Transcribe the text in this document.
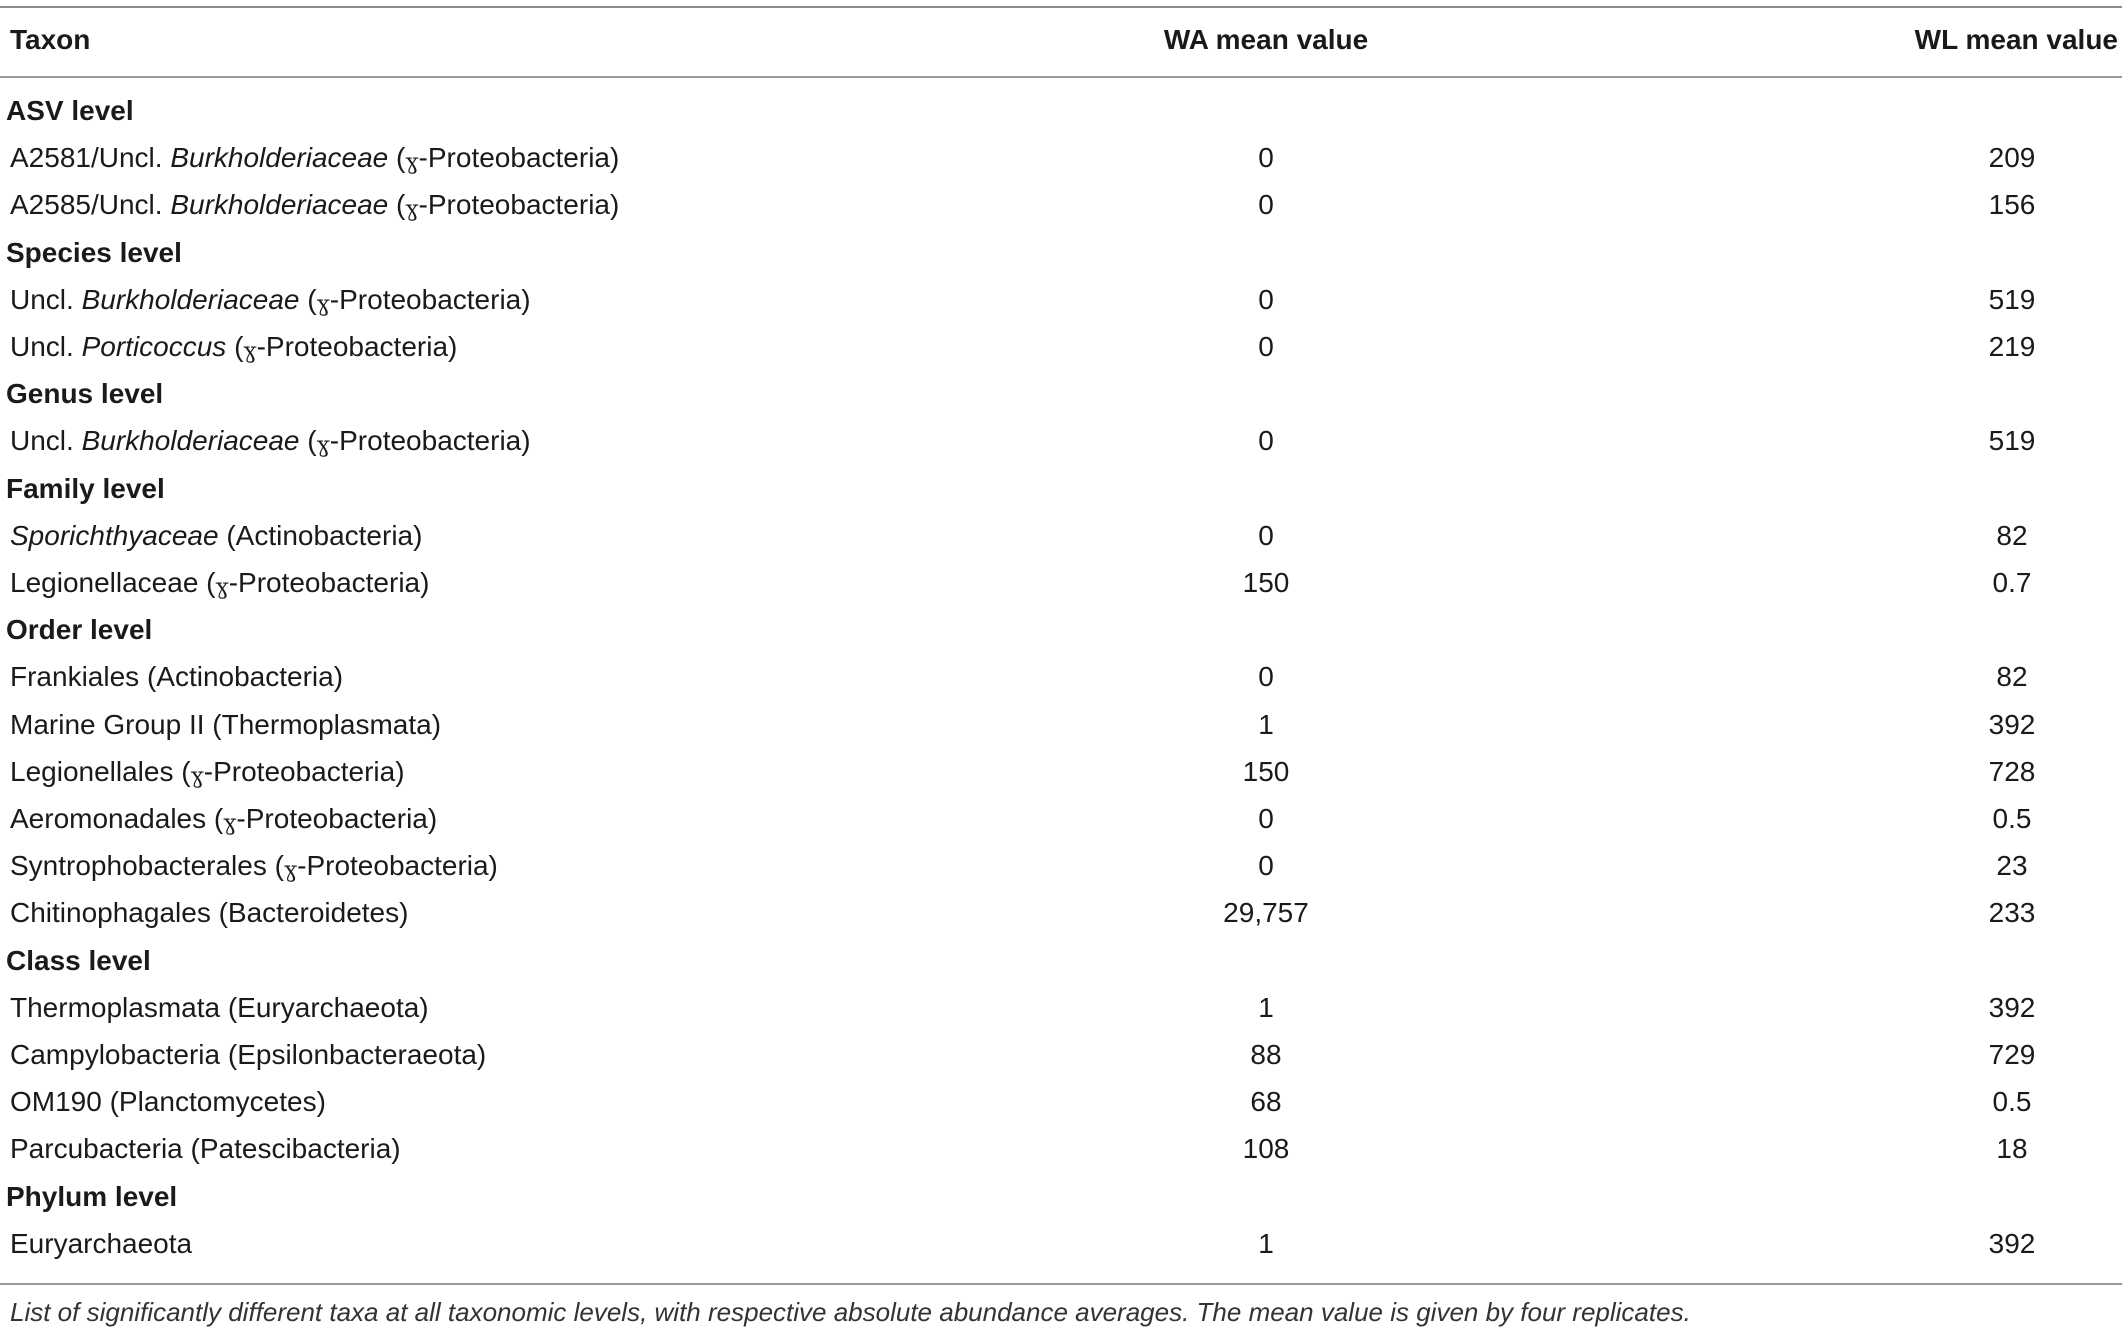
Taxon	WA mean value	WL mean value
ASV level
A2581/Uncl. Burkholderiaceae (ɣ-Proteobacteria)	0	209
A2585/Uncl. Burkholderiaceae (ɣ-Proteobacteria)	0	156
Species level
Uncl. Burkholderiaceae (ɣ-Proteobacteria)	0	519
Uncl. Porticoccus (ɣ-Proteobacteria)	0	219
Genus level
Uncl. Burkholderiaceae (ɣ-Proteobacteria)	0	519
Family level
Sporichthyaceae (Actinobacteria)	0	82
Legionellaceae (ɣ-Proteobacteria)	150	0.7
Order level
Frankiales (Actinobacteria)	0	82
Marine Group II (Thermoplasmata)	1	392
Legionellales (ɣ-Proteobacteria)	150	728
Aeromonadales (ɣ-Proteobacteria)	0	0.5
Syntrophobacterales (ɣ-Proteobacteria)	0	23
Chitinophagales (Bacteroidetes)	29,757	233
Class level
Thermoplasmata (Euryarchaeota)	1	392
Campylobacteria (Epsilonbacteraeota)	88	729
OM190 (Planctomycetes)	68	0.5
Parcubacteria (Patescibacteria)	108	18
Phylum level
Euryarchaeota	1	392
List of significantly different taxa at all taxonomic levels, with respective absolute abundance averages. The mean value is given by four replicates.
